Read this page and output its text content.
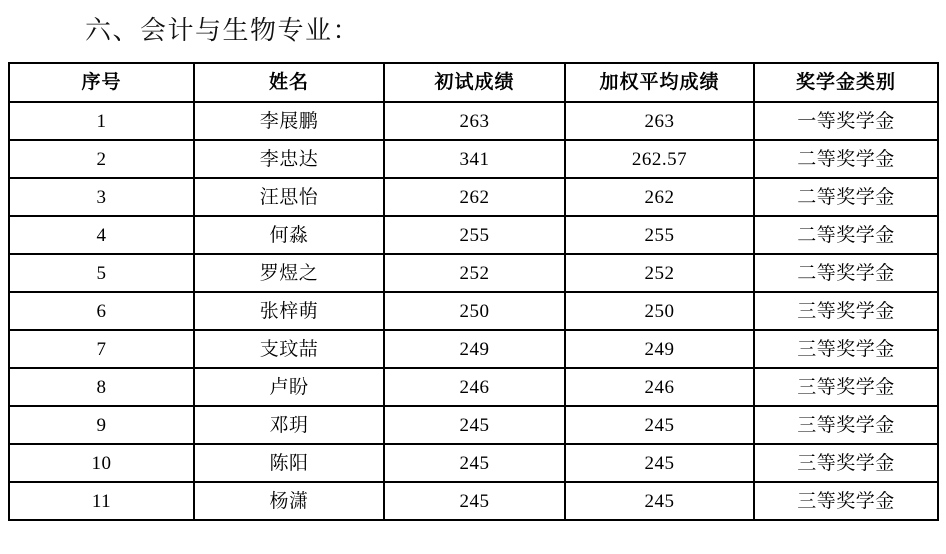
六、会计与生物专业：
序号	姓名	初试成绩	加权平均成绩	奖学金类别
1	李展鹏	263	263	一等奖学金
2	李忠达	341	262.57	二等奖学金
3	汪思怡	262	262	二等奖学金
4	何淼	255	255	二等奖学金
5	罗煜之	252	252	二等奖学金
6	张梓萌	250	250	三等奖学金
7	支玟喆	249	249	三等奖学金
8	卢盼	246	246	三等奖学金
9	邓玥	245	245	三等奖学金
10	陈阳	245	245	三等奖学金
11	杨潇	245	245	三等奖学金
